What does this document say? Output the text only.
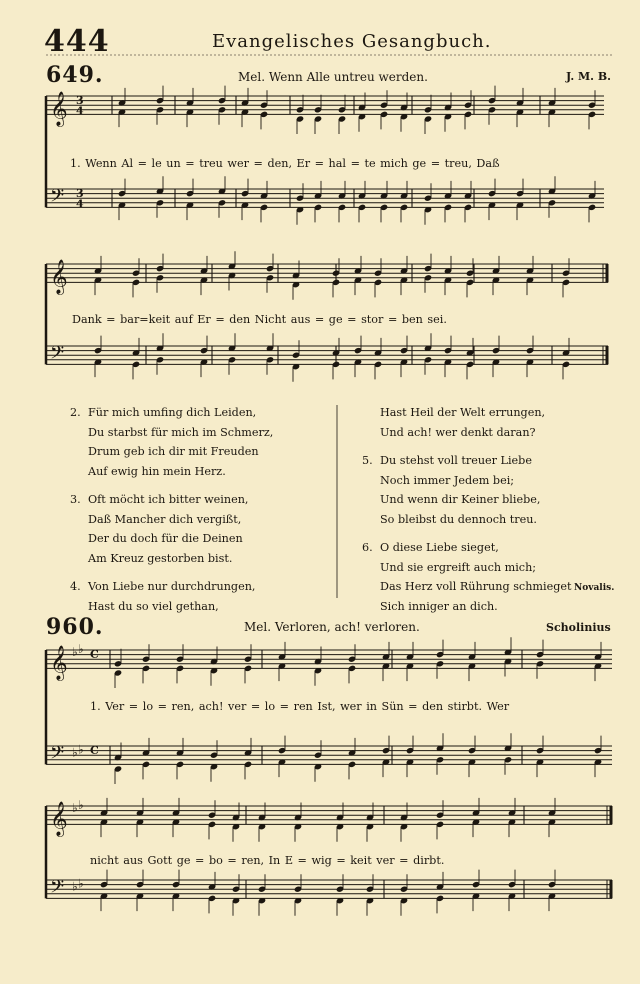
444	Evangelisches Gesangbuch.
649.	Mel. Wenn Alle untreu werden.	J. M. B.
𝄞
𝄢
3
4
3
4
𝄞
𝄢
𝄞
𝄢
♭
♭
♭
♭
C
C
𝄞
𝄢
♭
♭
♭
♭
1. Wenn Al = le un = treu wer = den, Er = hal = te mich ge = treu, Daß
Dank = bar=keit auf Er = den Nicht aus = ge = stor = ben sei.
2. Für mich umfing dich Leiden,
Du starbst für mich im Schmerz,
Drum geb ich dir mit Freuden
Auf ewig hin mein Herz.
3. Oft möcht ich bitter weinen,
Daß Mancher dich vergißt,
Der du doch für die Deinen
Am Kreuz gestorben bist.
4. Von Liebe nur durchdrungen,
Hast du so viel gethan,
Hast Heil der Welt errungen,
Und ach! wer denkt daran?
5. Du stehst voll treuer Liebe
Noch immer Jedem bei;
Und wenn dir Keiner bliebe,
So bleibst du dennoch treu.
6. O diese Liebe sieget,
Und sie ergreift auch mich;
Das Herz voll Rührung schmieget
Sich inniger an dich.
Novalis.
960.	Mel. Verloren, ach! verloren.	Scholinius
1. Ver = lo = ren, ach! ver = lo = ren Ist, wer in Sün = den stirbt. Wer
nicht aus Gott ge = bo = ren, In E = wig = keit ver = dirbt.
